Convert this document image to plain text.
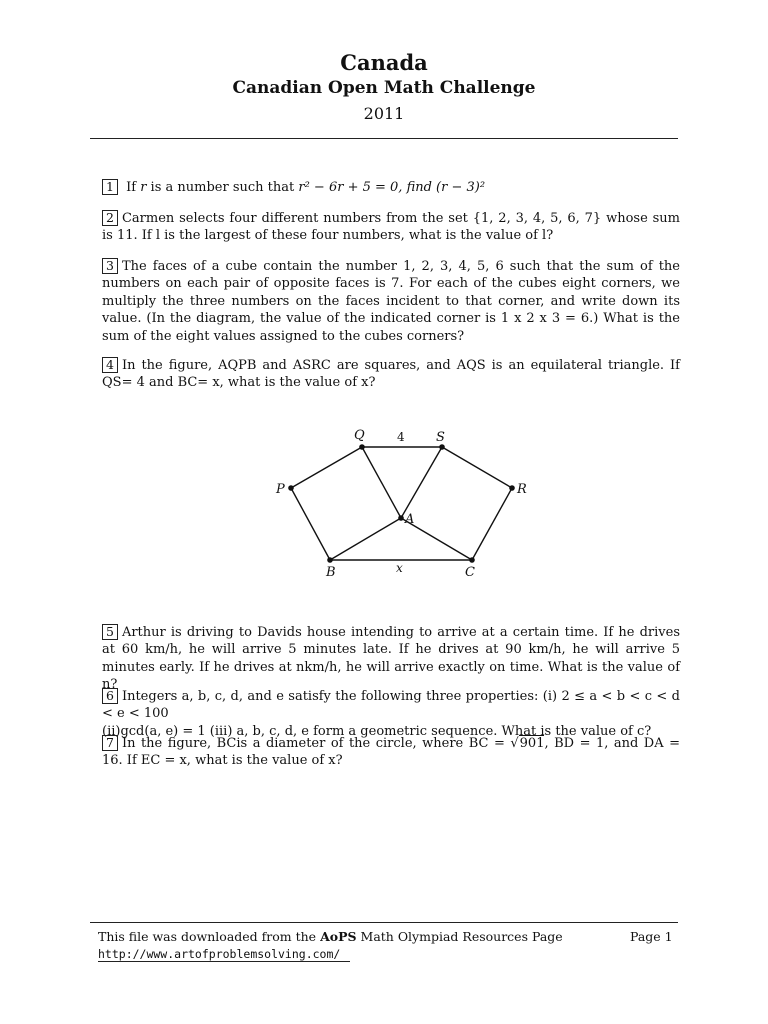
Canada
Canadian Open Math Challenge
2011

1 If r is a number such that r² − 6r + 5 = 0, find (r − 3)²

2 Carmen selects four different numbers from the set {1, 2, 3, 4, 5, 6, 7} whose sum is 11. If l is the largest of these four numbers, what is the value of l?

3 The faces of a cube contain the number 1, 2, 3, 4, 5, 6 such that the sum of the numbers on each pair of opposite faces is 7. For each of the cubes eight corners, we multiply the three numbers on the faces incident to that corner, and write down its value. (In the diagram, the value of the indicated corner is 1 x 2 x 3 = 6.) What is the sum of the eight values assigned to the cubes corners?

4 In the figure, AQPB and ASRC are squares, and AQS is an equilateral triangle. If QS= 4 and BC= x, what is the value of x?

Q	S
P	R
A
B	C
x
4

5 Arthur is driving to Davids house intending to arrive at a certain time. If he drives at 60 km/h, he will arrive 5 minutes late. If he drives at 90 km/h, he will arrive 5 minutes early. If he drives at nkm/h, he will arrive exactly on time. What is the value of n?

6 Integers a, b, c, d, and e satisfy the following three properties: (i) 2 ≤ a < b < c < d < e < 100
(ii)gcd(a, e) = 1 (iii) a, b, c, d, e form a geometric sequence. What is the value of c?

7 In the figure, BCis a diameter of the circle, where BC = √901, BD = 1, and DA = 16. If EC = x, what is the value of x?

This file was downloaded from the AoPS Math Olympiad Resources Page
http://www.artofproblemsolving.com/
Page 1
